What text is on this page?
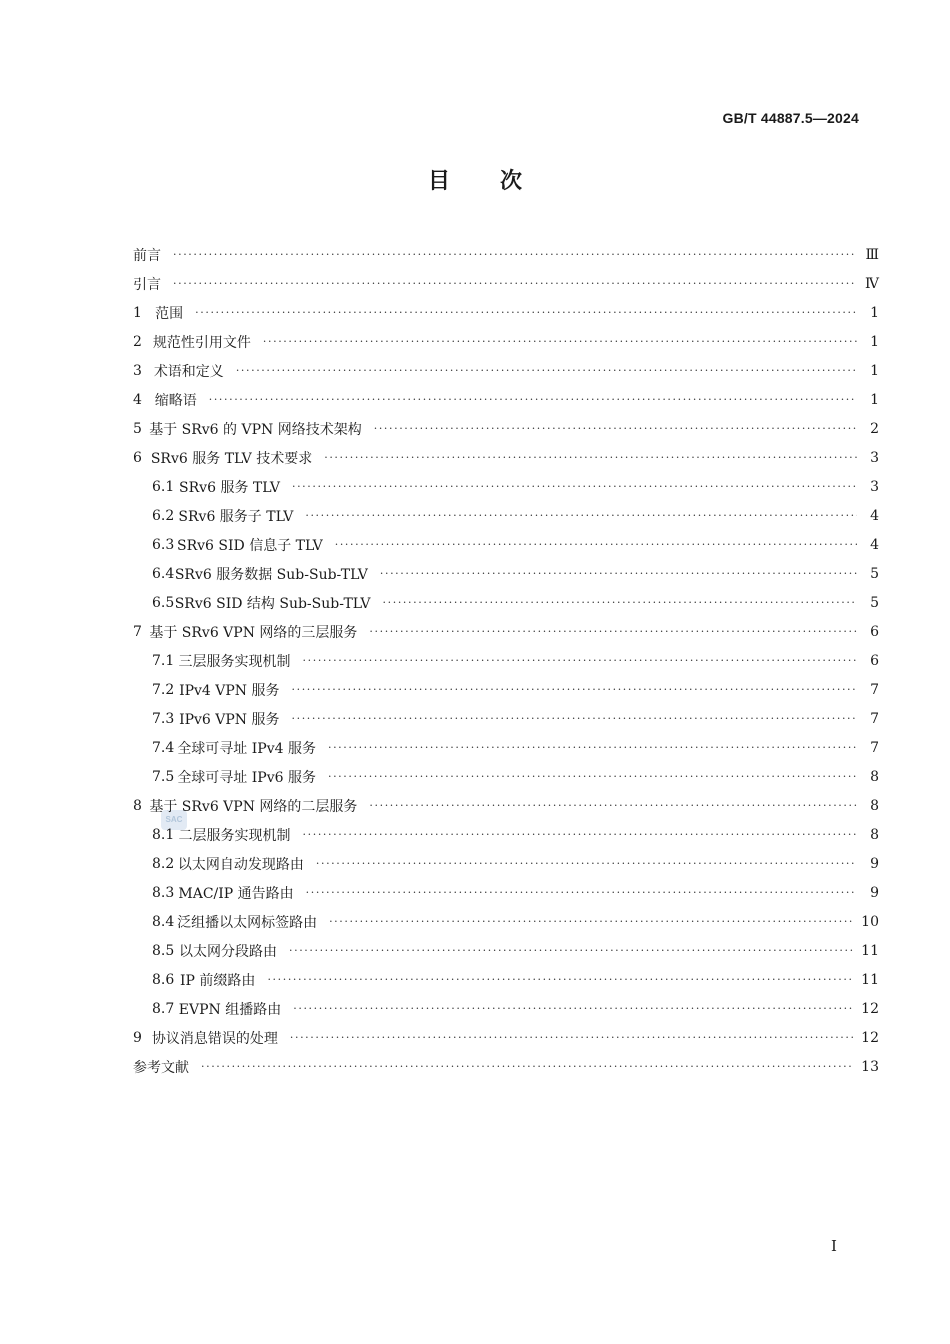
GB/T 44887.5—2024
目 次
SAC
前言 ·····	Ⅲ
引言 ·····	Ⅳ
1 范围 ·····	1
2 规范性引用文件 ·····	1
3 术语和定义 ·····	1
4 缩略语 ·····	1
5 基于 SRv6 的 VPN 网络技术架构 ·····	2
6 SRv6 服务 TLV 技术要求 ·····	3
6.1 SRv6 服务 TLV ·····	3
6.2 SRv6 服务子 TLV ·····	4
6.3 SRv6 SID 信息子 TLV ·····	4
6.4 SRv6 服务数据 Sub-Sub-TLV ·····	5
6.5 SRv6 SID 结构 Sub-Sub-TLV ·····	5
7 基于 SRv6 VPN 网络的三层服务 ·····	6
7.1 三层服务实现机制 ·····	6
7.2 IPv4 VPN 服务 ·····	7
7.3 IPv6 VPN 服务 ·····	7
7.4 全球可寻址 IPv4 服务 ·····	7
7.5 全球可寻址 IPv6 服务 ·····	8
8 基于 SRv6 VPN 网络的二层服务 ·····	8
8.1 二层服务实现机制 ·····	8
8.2 以太网自动发现路由 ·····	9
8.3 MAC/IP 通告路由 ·····	9
8.4 泛组播以太网标签路由 ·····	10
8.5 以太网分段路由 ·····	11
8.6 IP 前缀路由 ·····	11
8.7 EVPN 组播路由 ·····	12
9 协议消息错误的处理 ·····	12
参考文献 ·····	13
Ⅰ
